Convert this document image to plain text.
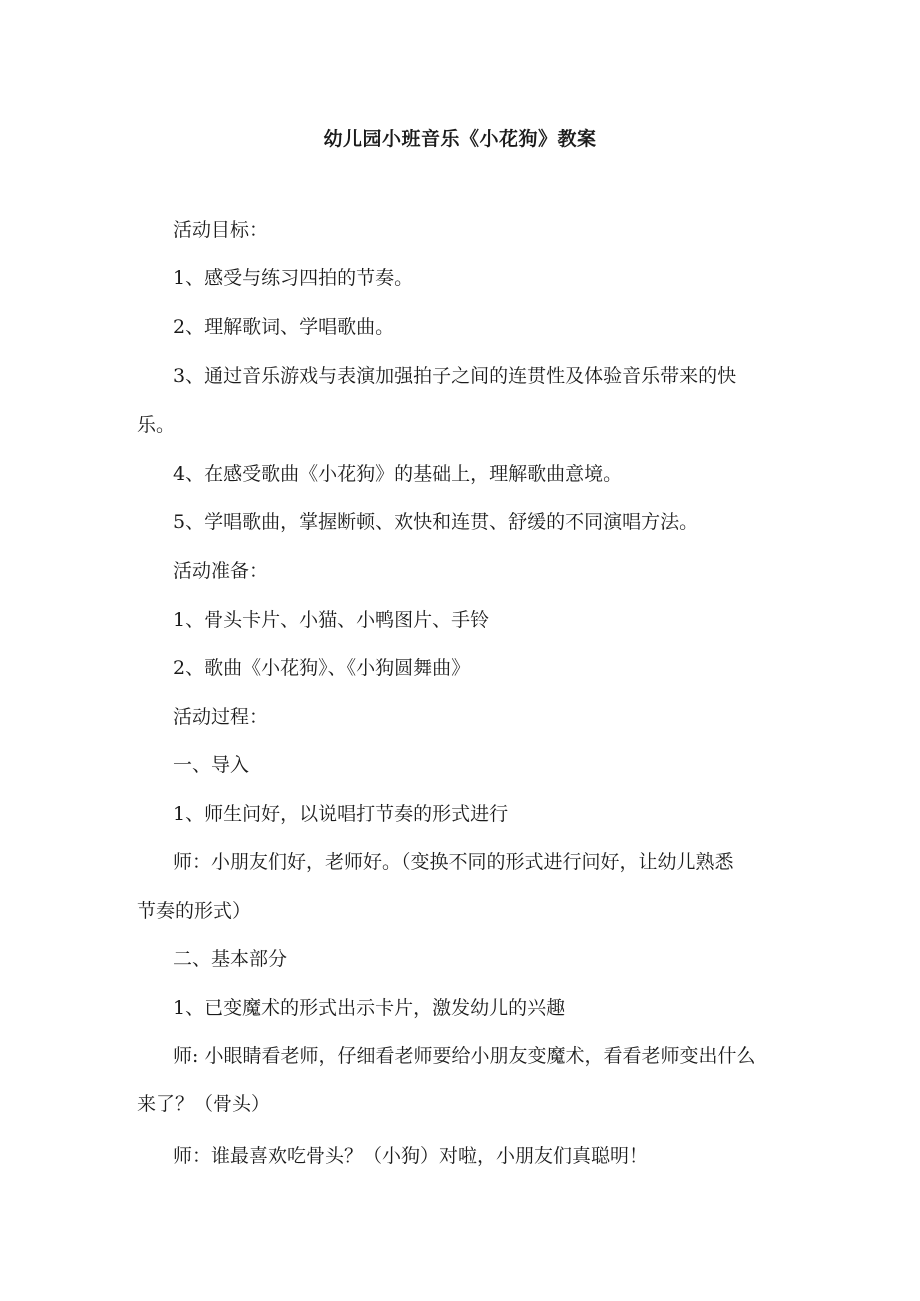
幼儿园小班音乐《小花狗》教案
活动目标：
1、感受与练习四拍的节奏。
2、理解歌词、学唱歌曲。
3、通过音乐游戏与表演加强拍子之间的连贯性及体验音乐带来的快
乐。
4、在感受歌曲《小花狗》的基础上，理解歌曲意境。
5、学唱歌曲，掌握断顿、欢快和连贯、舒缓的不同演唱方法。
活动准备：
1、骨头卡片、小猫、小鸭图片、手铃
2、歌曲《小花狗》、《小狗圆舞曲》
活动过程：
一、导入
1、师生问好，以说唱打节奏的形式进行
师：小朋友们好，老师好。（变换不同的形式进行问好，让幼儿熟悉
节奏的形式）
二、基本部分
1、已变魔术的形式出示卡片，激发幼儿的兴趣
师: 小眼睛看老师，仔细看老师要给小朋友变魔术，看看老师变出什么
来了？（骨头）
师：谁最喜欢吃骨头？（小狗）对啦，小朋友们真聪明！
